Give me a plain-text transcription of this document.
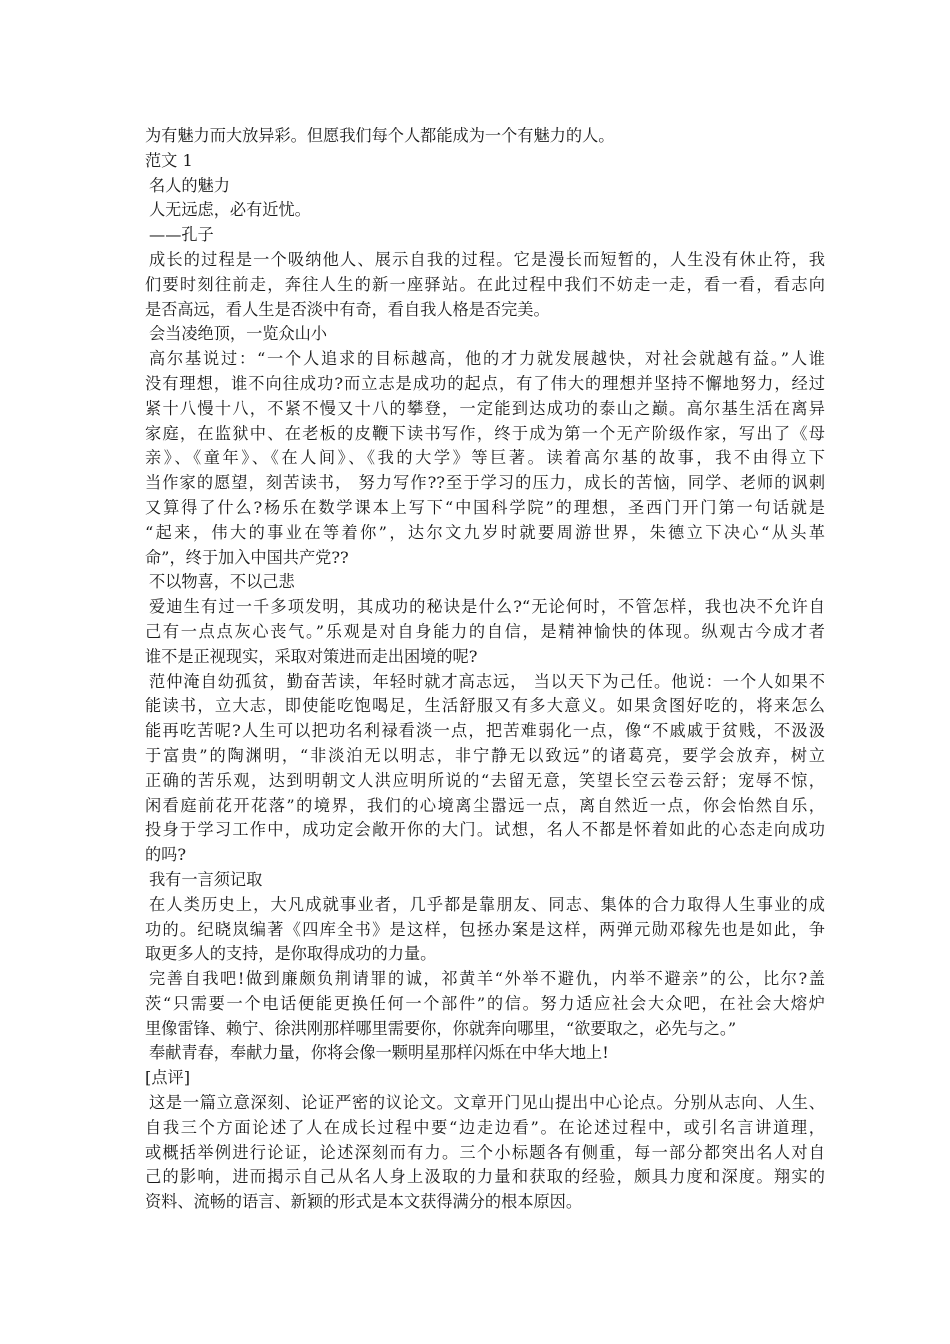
为有魅力而大放异彩。但愿我们每个人都能成为一个有魅力的人。
范文 1
名人的魅力
人无远虑，必有近忧。
——孔子
成长的过程是一个吸纳他人、展示自我的过程。它是漫长而短暂的，人生没有休止符，我
们要时刻往前走，奔往人生的新一座驿站。在此过程中我们不妨走一走，看一看，看志向
是否高远，看人生是否淡中有奇，看自我人格是否完美。
会当凌绝顶，一览众山小
高尔基说过：“一个人追求的目标越高，他的才力就发展越快，对社会就越有益。”人谁
没有理想，谁不向往成功?而立志是成功的起点，有了伟大的理想并坚持不懈地努力，经过
紧十八慢十八，不紧不慢又十八的攀登，一定能到达成功的泰山之巅。高尔基生活在离异
家庭，在监狱中、在老板的皮鞭下读书写作，终于成为第一个无产阶级作家，写出了《母
亲》、《童年》、《在人间》、《我的大学》等巨著。读着高尔基的故事，我不由得立下
当作家的愿望，刻苦读书， 努力写作??至于学习的压力，成长的苦恼，同学、老师的讽刺
又算得了什么?杨乐在数学课本上写下“中国科学院”的理想，圣西门开门第一句话就是
“起来，伟大的事业在等着你”，达尔文九岁时就要周游世界，朱德立下决心“从头革
命”，终于加入中国共产党??
不以物喜，不以己悲
爱迪生有过一千多项发明，其成功的秘诀是什么?“无论何时，不管怎样，我也决不允许自
己有一点点灰心丧气。”乐观是对自身能力的自信，是精神愉快的体现。纵观古今成才者
谁不是正视现实，采取对策进而走出困境的呢?
范仲淹自幼孤贫，勤奋苦读，年轻时就才高志远， 当以天下为己任。他说：一个人如果不
能读书，立大志，即使能吃饱喝足，生活舒服又有多大意义。如果贪图好吃的，将来怎么
能再吃苦呢?人生可以把功名利禄看淡一点，把苦难弱化一点，像“不戚戚于贫贱，不汲汲
于富贵”的陶渊明，“非淡泊无以明志，非宁静无以致远”的诸葛亮，要学会放弃，树立
正确的苦乐观，达到明朝文人洪应明所说的“去留无意，笑望长空云卷云舒；宠辱不惊，
闲看庭前花开花落”的境界，我们的心境离尘嚣远一点，离自然近一点，你会怡然自乐，
投身于学习工作中，成功定会敞开你的大门。试想，名人不都是怀着如此的心态走向成功
的吗?
我有一言须记取
在人类历史上，大凡成就事业者，几乎都是靠朋友、同志、集体的合力取得人生事业的成
功的。纪晓岚编著《四库全书》是这样，包拯办案是这样，两弹元勋邓稼先也是如此，争
取更多人的支持，是你取得成功的力量。
完善自我吧!做到廉颇负荆请罪的诚，祁黄羊“外举不避仇，内举不避亲”的公，比尔?盖
茨“只需要一个电话便能更换任何一个部件”的信。努力适应社会大众吧，在社会大熔炉
里像雷锋、赖宁、徐洪刚那样哪里需要你，你就奔向哪里，“欲要取之，必先与之。”
奉献青春，奉献力量，你将会像一颗明星那样闪烁在中华大地上!
[点评]
这是一篇立意深刻、论证严密的议论文。文章开门见山提出中心论点。分别从志向、人生、
自我三个方面论述了人在成长过程中要“边走边看”。在论述过程中，或引名言讲道理，
或概括举例进行论证，论述深刻而有力。三个小标题各有侧重，每一部分都突出名人对自
己的影响，进而揭示自己从名人身上汲取的力量和获取的经验，颇具力度和深度。翔实的
资料、流畅的语言、新颖的形式是本文获得满分的根本原因。
